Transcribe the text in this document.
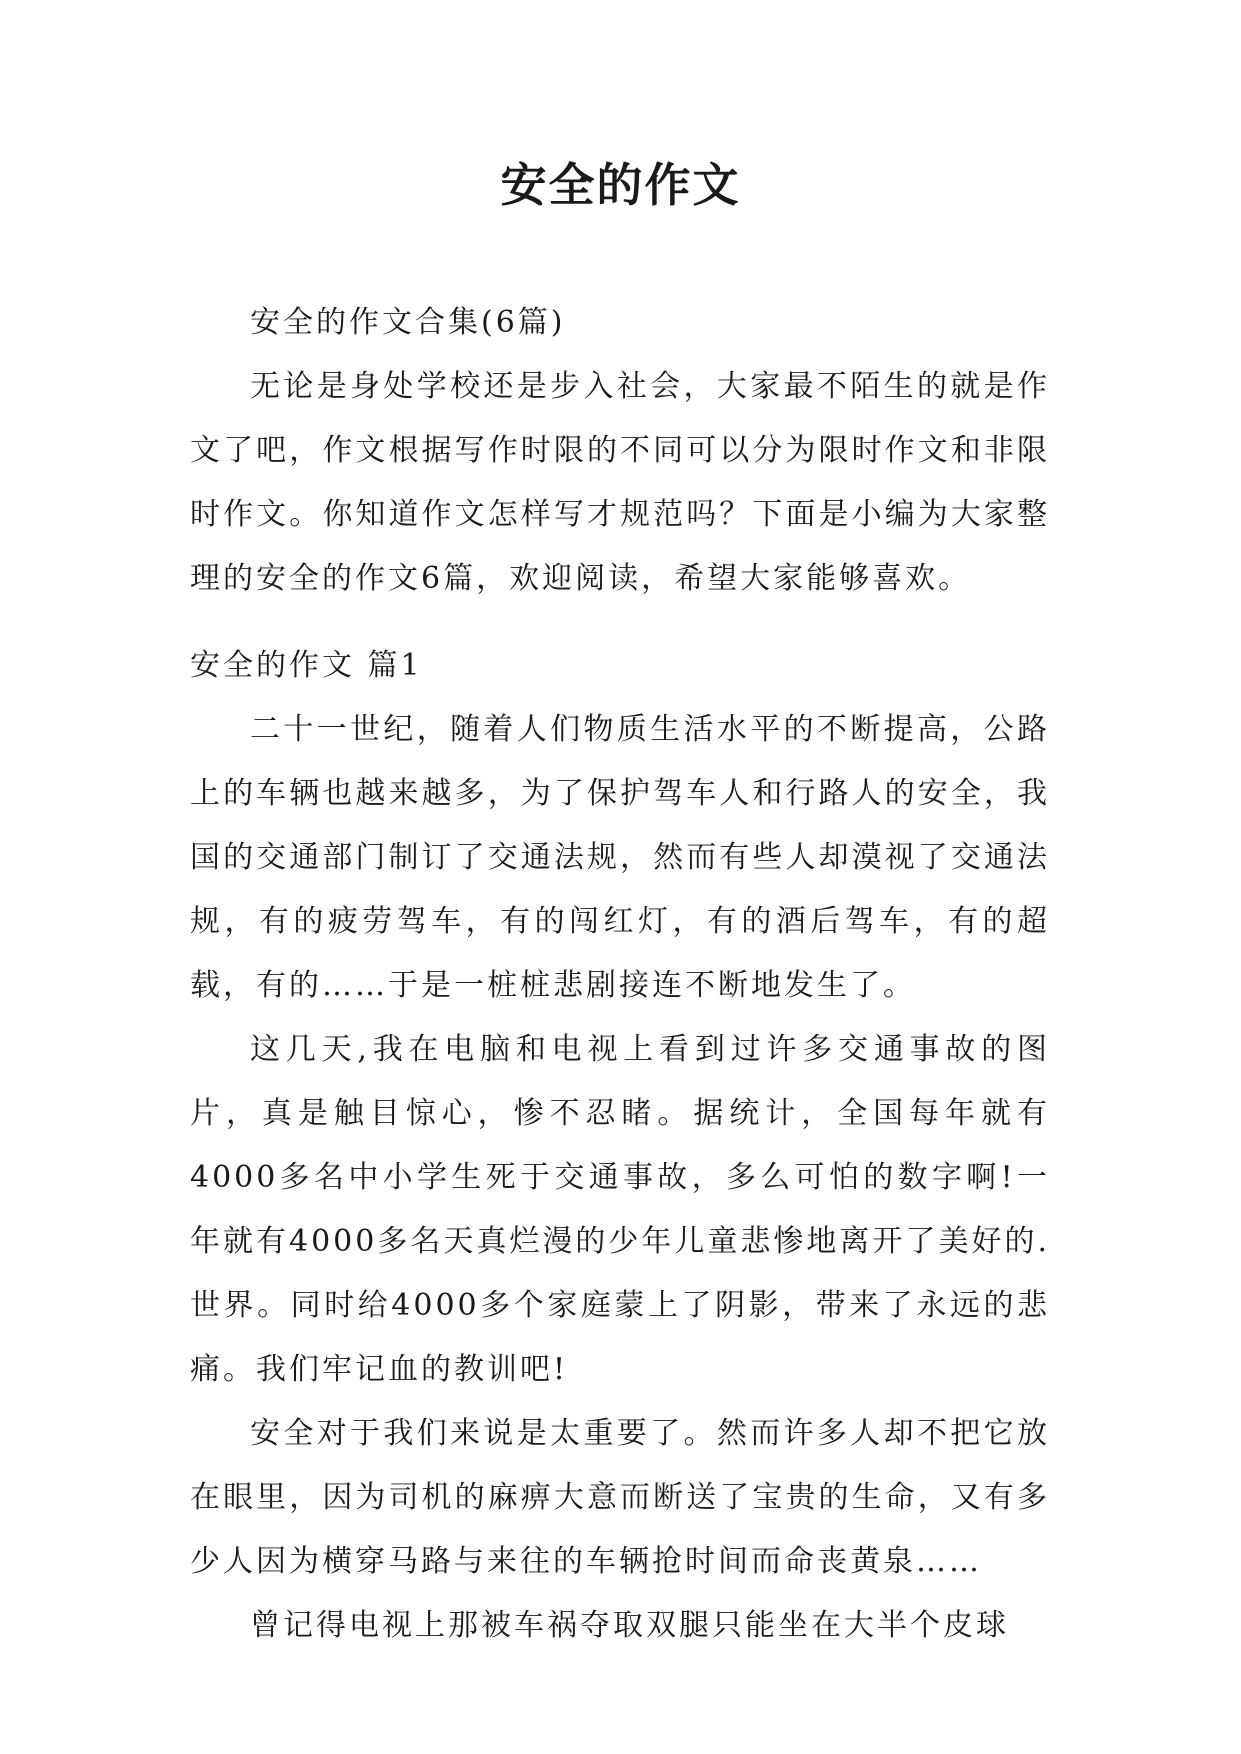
安全的作文

安全的作文合集(6篇)

无论是身处学校还是步入社会，大家最不陌生的就是作文了吧，作文根据写作时限的不同可以分为限时作文和非限时作文。你知道作文怎样写才规范吗？下面是小编为大家整理的安全的作文6篇，欢迎阅读，希望大家能够喜欢。

安全的作文 篇1

二十一世纪，随着人们物质生活水平的不断提高，公路上的车辆也越来越多，为了保护驾车人和行路人的安全，我国的交通部门制订了交通法规，然而有些人却漠视了交通法规，有的疲劳驾车，有的闯红灯，有的酒后驾车，有的超载，有的……于是一桩桩悲剧接连不断地发生了。

这几天,我在电脑和电视上看到过许多交通事故的图片，真是触目惊心，惨不忍睹。据统计，全国每年就有4000多名中小学生死于交通事故，多么可怕的数字啊!一年就有4000多名天真烂漫的少年儿童悲惨地离开了美好的.世界。同时给4000多个家庭蒙上了阴影，带来了永远的悲痛。我们牢记血的教训吧!

安全对于我们来说是太重要了。然而许多人却不把它放在眼里，因为司机的麻痹大意而断送了宝贵的生命，又有多少人因为横穿马路与来往的车辆抢时间而命丧黄泉……

曾记得电视上那被车祸夺取双腿只能坐在大半个皮球
